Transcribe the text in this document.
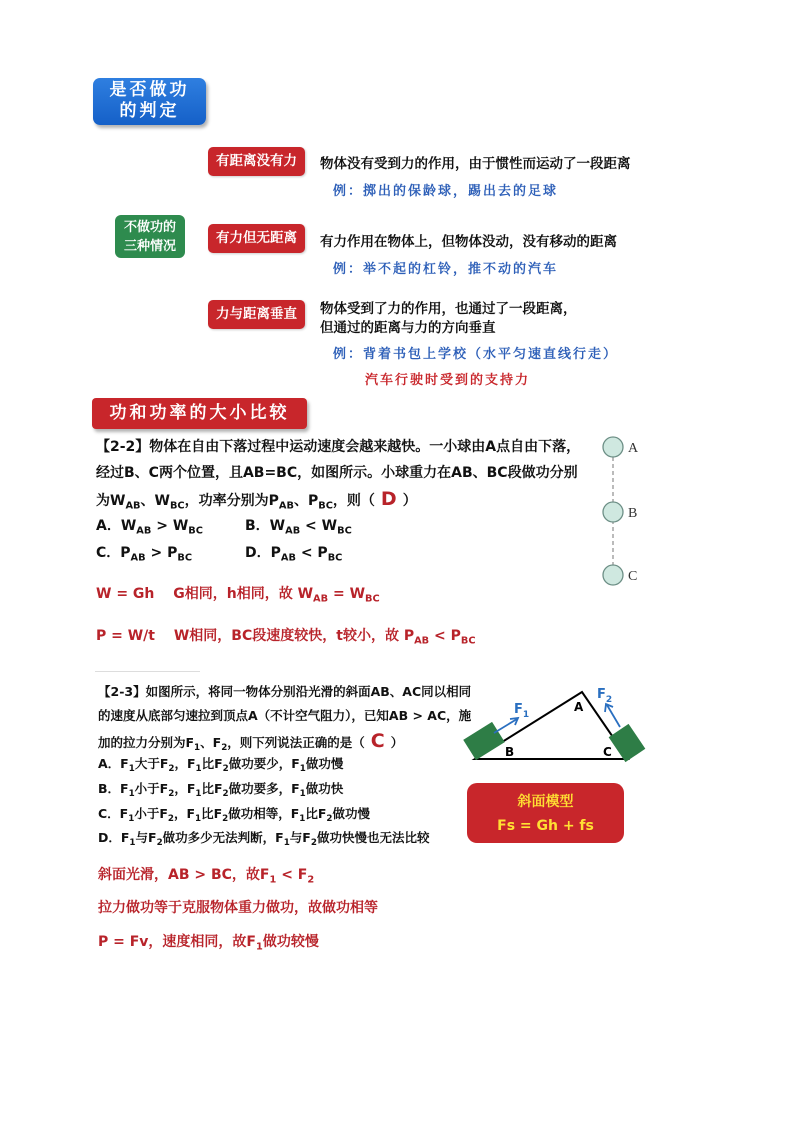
是否做功
的判定
不做功的
三种情况
有距离没有力	物体没有受到力的作用，由于惯性而运动了一段距离
例：掷出的保龄球，踢出去的足球
有力但无距离	有力作用在物体上，但物体没动，没有移动的距离
例：举不起的杠铃，推不动的汽车
力与距离垂直	物体受到了力的作用，也通过了一段距离，
但通过的距离与力的方向垂直
例：背着书包上学校（水平匀速直线行走）
汽车行驶时受到的支持力
功和功率的大小比较
【2-2】物体在自由下落过程中运动速度会越来越快。一小球由A点自由下落，
经过B、C两个位置，且AB=BC，如图所示。小球重力在AB、BC段做功分别
为$W_{AB}$、$W_{BC}$，功率分别为$P_{AB}$、$P_{BC}$，则（ D ）
A．$W_{AB} > W_{BC}$	B．$W_{AB} < W_{BC}$
C．$P_{AB} > P_{BC}$	D．$P_{AB} < P_{BC}$
W = Gh　 G相同，h相同，故 $W_{AB} = W_{BC}$
P = W/t　 W相同，BC段速度较快，t较小，故 $P_{AB} < P_{BC}$
A
B
C
$F_1$
$F_2$
A
B	C
【2-3】如图所示，将同一物体分别沿光滑的斜面AB、AC同以相同
的速度从底部匀速拉到顶点A（不计空气阻力），已知AB > AC，施
加的拉力分别为$F_1$、$F_2$，则下列说法正确的是（ C ）
A．$F_1$大于$F_2$，$F_1$比$F_2$做功要少，$F_1$做功慢
B．$F_1$小于$F_2$，$F_1$比$F_2$做功要多，$F_1$做功快
C．$F_1$小于$F_2$，$F_1$比$F_2$做功相等，$F_1$比$F_2$做功慢
D．$F_1$与$F_2$做功多少无法判断，$F_1$与$F_2$做功快慢也无法比较
斜面光滑，AB > BC，故$F_1 < F_2$
拉力做功等于克服物体重力做功，故做功相等
P = Fv，速度相同，故$F_1$做功较慢
斜面模型
Fs = Gh + fs
